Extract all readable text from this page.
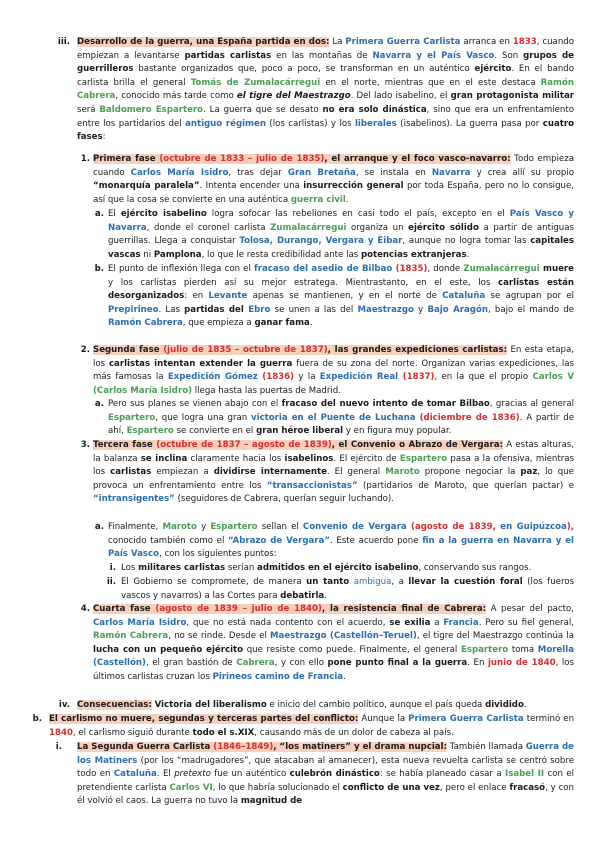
iii. Desarrollo de la guerra, una España partida en dos: La Primera Guerra Carlista arranca en 1833, cuando empiezan a levantarse partidas carlistas en las montañas de Navarra y el País Vasco. Son grupos de guerrilleros bastante organizados que, poco a poco, se transforman en un auténtico ejército. En el bando carlista brilla el general Tomás de Zumalacárregui en el norte, mientras que en el este destaca Ramón Cabrera, conocido más tarde como el tigre del Maestrazgo. Del lado isabelino, el gran protagonista militar será Baldomero Espartero. La guerra que se desato no era solo dinástica, sino que era un enfrentamiento entre los partidarios del antiguo régimen (los carlistas) y los liberales (isabelinos). La guerra pasa por cuatro fases:

1. Primera fase (octubre de 1833 – julio de 1835), el arranque y el foco vasco-navarro: Todo empieza cuando Carlos María Isidro, tras dejar Gran Bretaña, se instala en Navarra y crea allí su propio “monarquía paralela”. Intenta encender una insurrección general por toda España, pero no lo consigue, así que la cosa se convierte en una auténtica guerra civil.

a. El ejército isabelino logra sofocar las rebeliones en casi todo el país, excepto en el País Vasco y Navarra, donde el coronel carlista Zumalacárregui organiza un ejército sólido a partir de antiguas guerrillas. Llega a conquistar Tolosa, Durango, Vergara y Éibar, aunque no logra tomar las capitales vascas ni Pamplona, lo que le resta credibilidad ante las potencias extranjeras.

b. El punto de inflexión llega con el fracaso del asedio de Bilbao (1835), donde Zumalacárregui muere y los carlistas pierden así su mejor estratega. Mientrastanto, en el este, los carlistas están desorganizados: en Levante apenas se mantienen, y en el norte de Cataluña se agrupan por el Prepirineo. Las partidas del Ebro se unen a las del Maestrazgo y Bajo Aragón, bajo el mando de Ramón Cabrera, que empieza a ganar fama.

2. Segunda fase (julio de 1835 – octubre de 1837), las grandes expediciones carlistas: En esta etapa, los carlistas intentan extender la guerra fuera de su zona del norte. Organizan varias expediciones, las más famosas la Expedición Gómez (1836) y la Expedición Real (1837), en la que el propio Carlos V (Carlos María Isidro) llega hasta las puertas de Madrid.

a. Pero sus planes se vienen abajo con el fracaso del nuevo intento de tomar Bilbao, gracias al general Espartero, que logra una gran victoria en el Puente de Luchana (diciembre de 1836). A partir de ahí, Espartero se convierte en el gran héroe liberal y en figura muy popular.

3. Tercera fase (octubre de 1837 – agosto de 1839), el Convenio o Abrazo de Vergara: A estas alturas, la balanza se inclina claramente hacia los isabelinos. El ejército de Espartero pasa a la ofensiva, mientras los carlistas empiezan a dividirse internamente. El general Maroto propone negociar la paz, lo que provoca un enfrentamiento entre los “transaccionistas” (partidarios de Maroto, que querían pactar) e “intransigentes” (seguidores de Cabrera, querían seguir luchando).

a. Finalmente, Maroto y Espartero sellan el Convenio de Vergara (agosto de 1839, en Guipúzcoa), conocido también como el “Abrazo de Vergara”. Este acuerdo pone fin a la guerra en Navarra y el País Vasco, con los siguientes puntos:

i. Los militares carlistas serían admitidos en el ejército isabelino, conservando sus rangos.

ii. El Gobierno se compromete, de manera un tanto ambigua, a llevar la cuestión foral (los fueros vascos y navarros) a las Cortes para debatirla.

4. Cuarta fase (agosto de 1839 – julio de 1840), la resistencia final de Cabrera: A pesar del pacto, Carlos María Isidro, que no está nada contento con el acuerdo, se exilia a Francia. Pero su fiel general, Ramón Cabrera, no se rinde. Desde el Maestrazgo (Castellón–Teruel), el tigre del Maestrazgo continúa la lucha con un pequeño ejército que resiste como puede. Finalmente, el general Espartero toma Morella (Castellón), el gran bastión de Cabrera, y con ello pone punto final a la guerra. En junio de 1840, los últimos carlistas cruzan los Pirineos camino de Francia.

iv. Consecuencias: Victoria del liberalismo e inicio del cambio político, aunque el país queda dividido.

b. El carlismo no muere, segundas y terceras partes del conflicto: Aunque la Primera Guerra Carlista terminó en 1840, el carlismo siguió durante todo el s.XIX, causando más de un dolor de cabeza al país.

i. La Segunda Guerra Carlista (1846–1849), “los matiners” y el drama nupcial: También llamada Guerra de los Matiners (por los “madrugadores”, que atacaban al amanecer), esta nueva revuelta carlista se centró sobre todo en Cataluña. El pretexto fue un auténtico culebrón dinástico: se había planeado casar a Isabel II con el pretendiente carlista Carlos VI, lo que habría solucionado el conflicto de una vez, pero el enlace fracasó, y con él volvió el caos. La guerra no tuvo la magnitud de
